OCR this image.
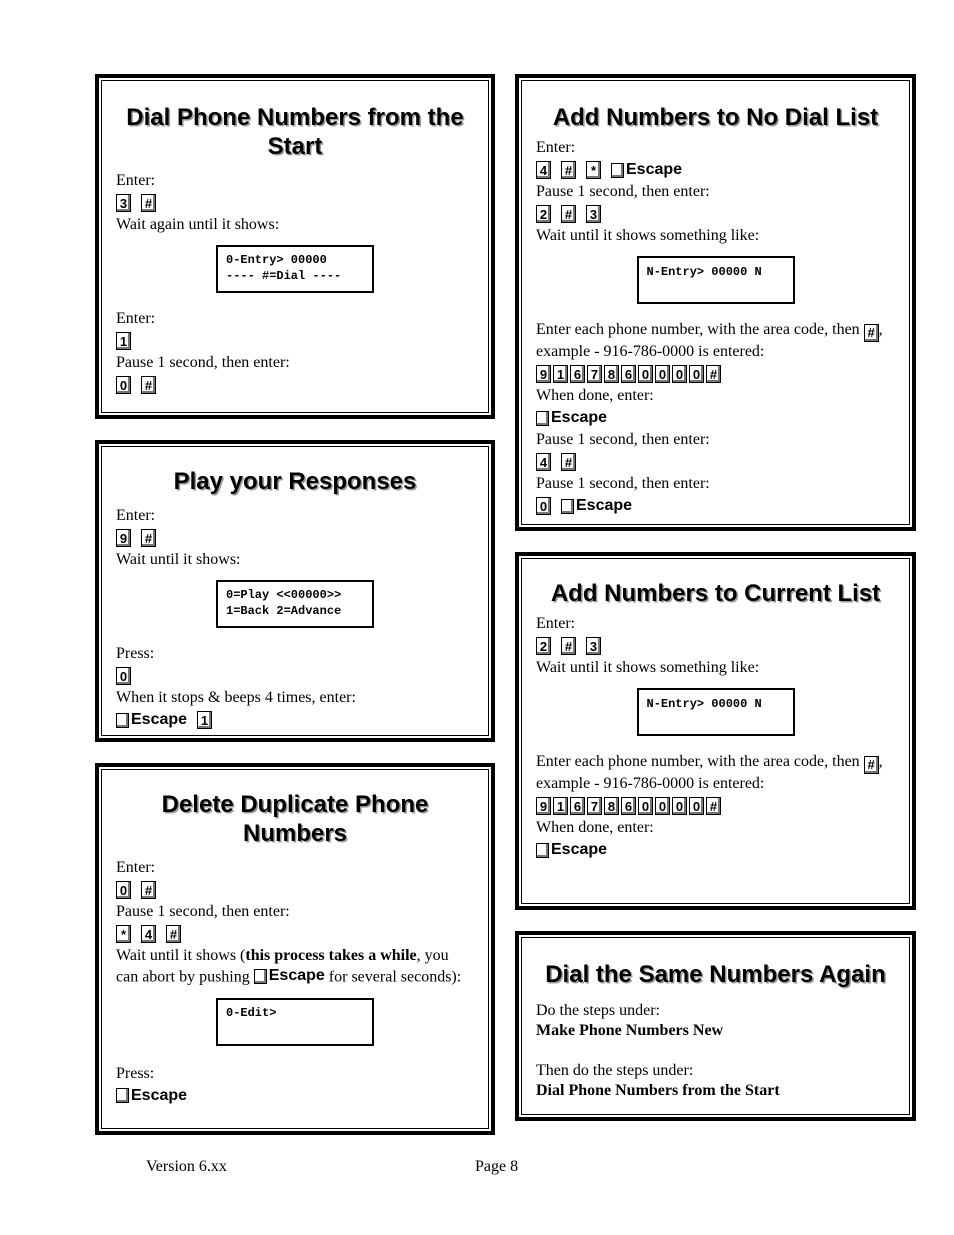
Dial Phone Numbers from the Start

Enter:

3 #

Wait again until it shows:

0-Entry> 00000
---- #=Dial ----

Enter:

1

Pause 1 second, then enter:

0 #
Play your Responses

Enter:

9 #

Wait until it shows:

0=Play <<00000>>
1=Back 2=Advance

Press:

0

When it stops & beeps 4 times, enter:

Escape 1
Delete Duplicate Phone Numbers

Enter:

0 #

Pause 1 second, then enter:

*	4 #

Wait until it shows (this process takes a while, you can abort by pushing Escape for several seconds):

0-Edit>

Press:

Escape
Add Numbers to No Dial List

Enter:

4 #	*	Escape

Pause 1 second, then enter:

2 # 3

Wait until it shows something like:

N-Entry> 00000 N

Enter each phone number, with the area code, then # , example - 916-786-0000 is entered:

9 1 6 7 8 6 0 0 0 0 #

When done, enter:

Escape

Pause 1 second, then enter:

4 #

Pause 1 second, then enter:

0 Escape
Add Numbers to Current List

Enter:

2 # 3

Wait until it shows something like:

N-Entry> 00000 N

Enter each phone number, with the area code, then # , example - 916-786-0000 is entered:

9 1 6 7 8 6 0 0 0 0 #

When done, enter:

Escape
Dial the Same Numbers Again

Do the steps under:

Make Phone Numbers New

Then do the steps under:

Dial Phone Numbers from the Start

Version 6.xx	Page 8
